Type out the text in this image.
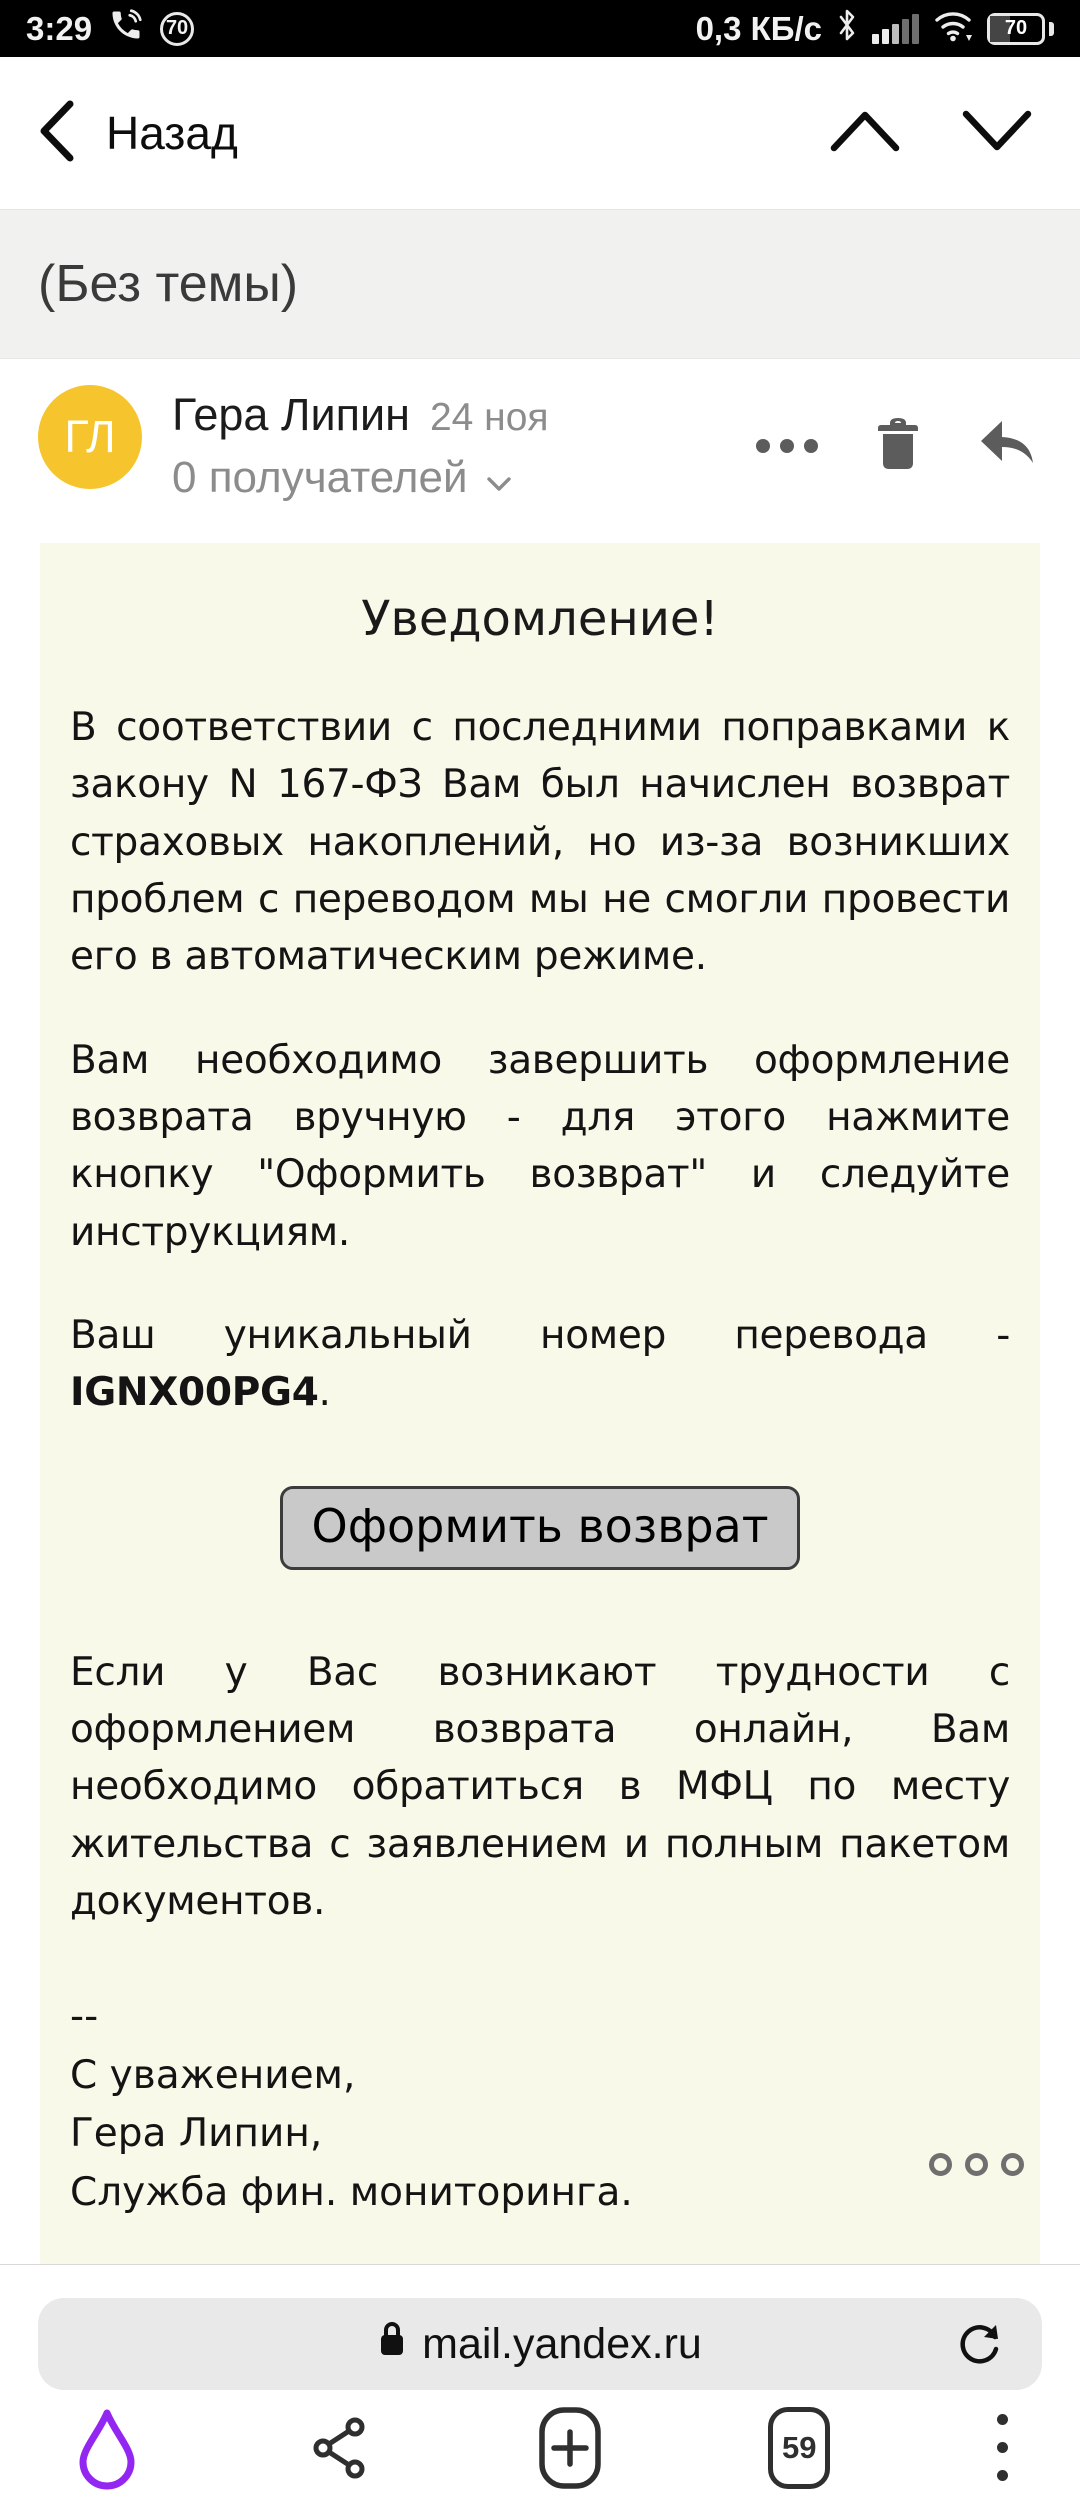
3:29	70	0,3 КБ/с	70
Назад
(Без темы)
ГЛ	Гера Липин 24 ноя
0 получателей
Уведомление!

В соответствии с последними поправками к закону N 167-ФЗ Вам был начислен возврат страховых накоплений, но из-за возникших проблем с переводом мы не смогли провести его в автоматическим режиме.

Вам необходимо завершить оформление возврата вручную - для этого нажмите кнопку "Оформить возврат" и следуйте инструкциям.

Ваш уникальный номер перевода - IGNX00PG4.

Оформить возврат

Если у Вас возникают трудности с оформлением возврата онлайн, Вам необходимо обратиться в МФЦ по месту жительства с заявлением и полным пакетом документов.

--

С уважением,

Гера Липин,

Служба фин. мониторинга.

mail.yandex.ru
59
